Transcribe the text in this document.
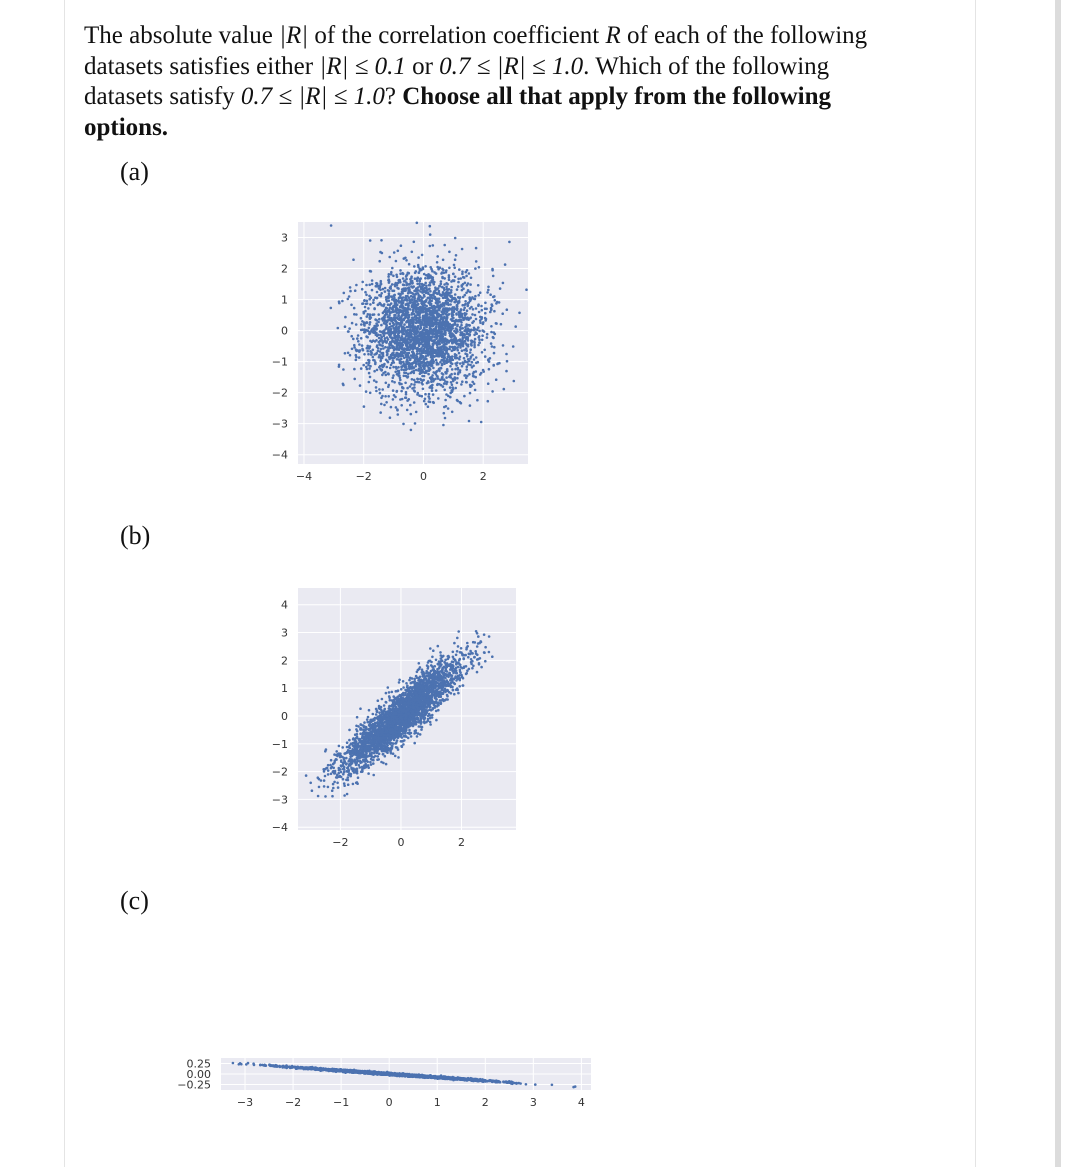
The absolute value |R| of the correlation coefficient R of each of the following datasets satisfies either |R| ≤ 0.1 or 0.7 ≤ |R| ≤ 1.0. Which of the following datasets satisfy 0.7 ≤ |R| ≤ 1.0? Choose all that apply from the following options.
(a)
(b)
(c)
−4	−2	0	2
3
2
1
0
−1
−2
−3
−4
−2	0	2
4
3
2
1
0
−1
−2
−3
−4
−3	−2	−1	0	1	2	3	4
0.25
0.00
−0.25
